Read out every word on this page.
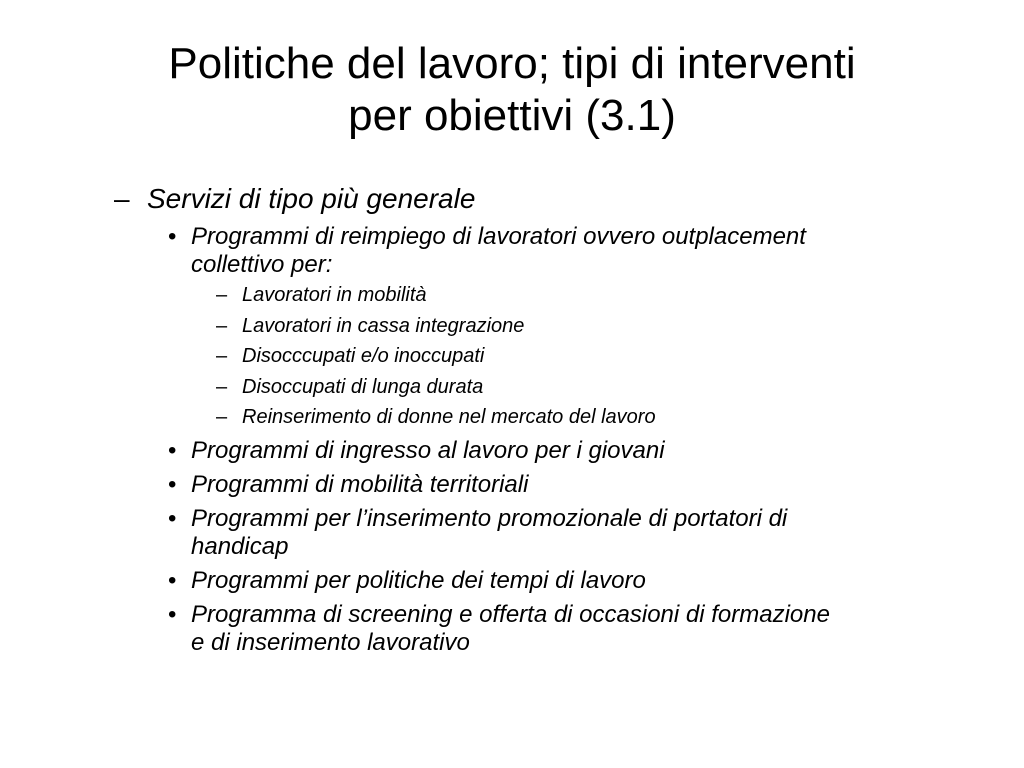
Politiche del lavoro; tipi di interventi
per obiettivi (3.1)
– Servizi di tipo più generale
• Programmi di reimpiego di lavoratori ovvero outplacement
collettivo per:
– Lavoratori in mobilità
– Lavoratori in cassa integrazione
– Disocccupati e/o inoccupati
– Disoccupati di lunga durata
– Reinserimento di donne nel mercato del lavoro
• Programmi di ingresso al lavoro per i giovani
• Programmi di mobilità territoriali
• Programmi per l’inserimento promozionale di portatori di
handicap
• Programmi per politiche dei tempi di lavoro
• Programma di screening e offerta di occasioni di formazione
e di inserimento lavorativo
